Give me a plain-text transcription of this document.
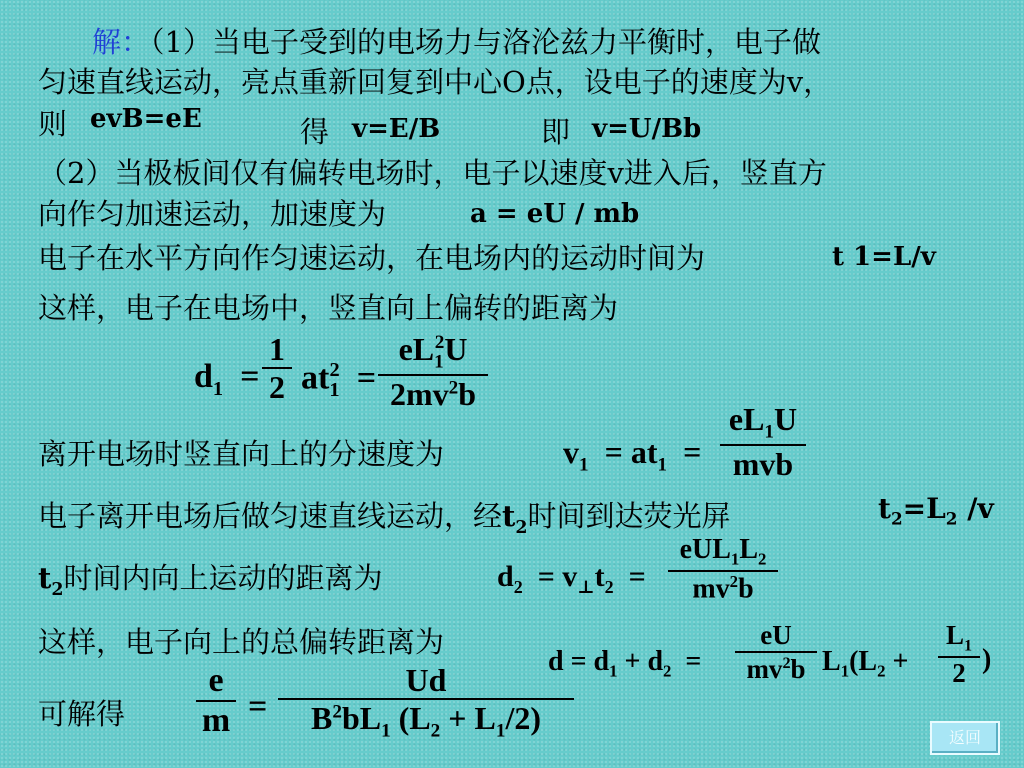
解：（1）当电子受到的电场力与洛沦兹力平衡时，电子做
匀速直线运动，亮点重新回复到中心O点，设电子的速度为v，
则 evB=eE	得 v=E/B	即 v=U/Bb
（2）当极板间仅有偏转电场时，电子以速度v进入后，竖直方
向作匀加速运动，加速度为	a = eU / mb
电子在水平方向作匀速运动，在电场内的运动时间为	t 1=L/v
这样，电子在电场中，竖直向上偏转的距离为
$d_1$  =
1
2 $at_1^2$  =
$eL_1^2U$
$2mv^2b$
离开电场时竖直向上的分速度为	$v_1 = at_1$  =
$eL_1U$
mvb
电子离开电场后做匀速直线运动，经$t_2$时间到达荧光屏	$t_2=L_2$ /v
$t_2$时间内向上运动的距离为	$d_2 = v_\perp t_2$  =
$eUL_1L_2$
$mv^2b$
这样，电子向上的总偏转距离为
$d = d_1 + d_2$  =
eU
$mv^2b$ $L_1(L_2$ +
$L_1$
2 )
可解得
e
m =
Ud
$B^2bL_1$ $(L_2 + L_1/2)$
返回
